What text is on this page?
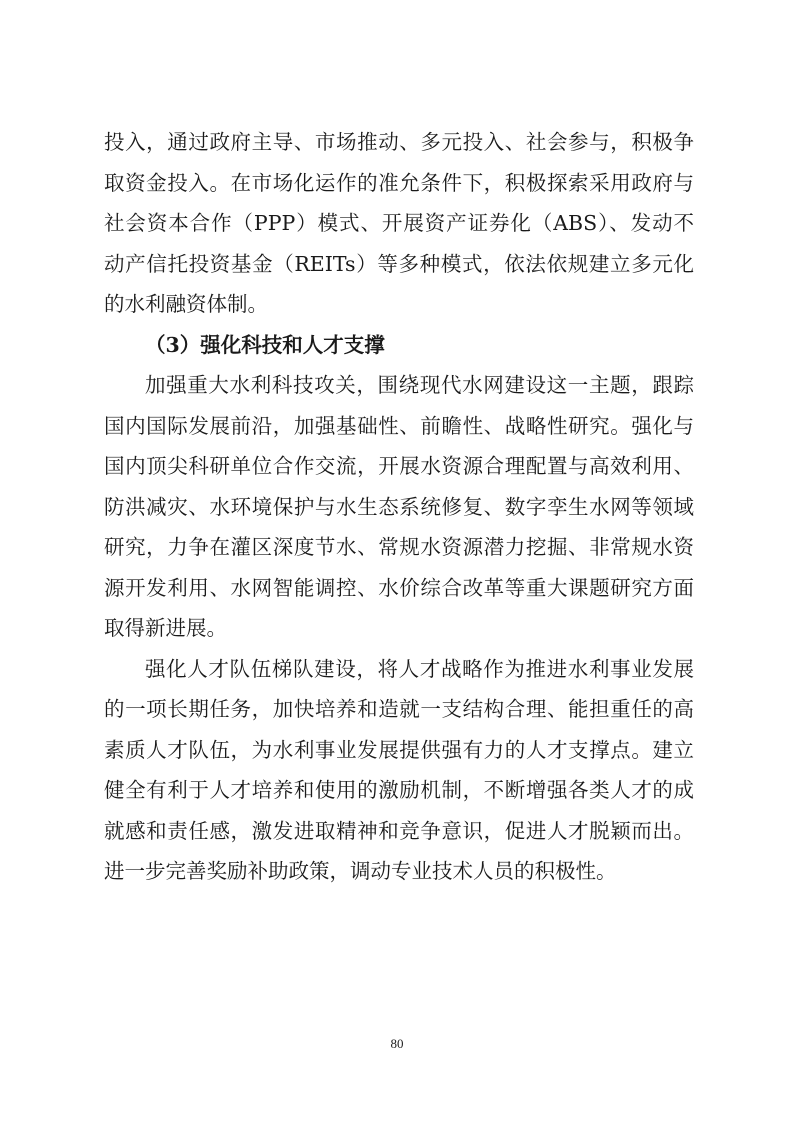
投入，通过政府主导、市场推动、多元投入、社会参与，积极争
取资金投入。在市场化运作的准允条件下，积极探索采用政府与
社会资本合作（PPP）模式、开展资产证券化（ABS）、发动不
动产信托投资基金（REITs）等多种模式，依法依规建立多元化
的水利融资体制。
（3）强化科技和人才支撑
加强重大水利科技攻关，围绕现代水网建设这一主题，跟踪
国内国际发展前沿，加强基础性、前瞻性、战略性研究。强化与
国内顶尖科研单位合作交流，开展水资源合理配置与高效利用、
防洪减灾、水环境保护与水生态系统修复、数字孪生水网等领域
研究，力争在灌区深度节水、常规水资源潜力挖掘、非常规水资
源开发利用、水网智能调控、水价综合改革等重大课题研究方面
取得新进展。
强化人才队伍梯队建设，将人才战略作为推进水利事业发展
的一项长期任务，加快培养和造就一支结构合理、能担重任的高
素质人才队伍，为水利事业发展提供强有力的人才支撑点。建立
健全有利于人才培养和使用的激励机制，不断增强各类人才的成
就感和责任感，激发进取精神和竞争意识，促进人才脱颖而出。
进一步完善奖励补助政策，调动专业技术人员的积极性。
80
